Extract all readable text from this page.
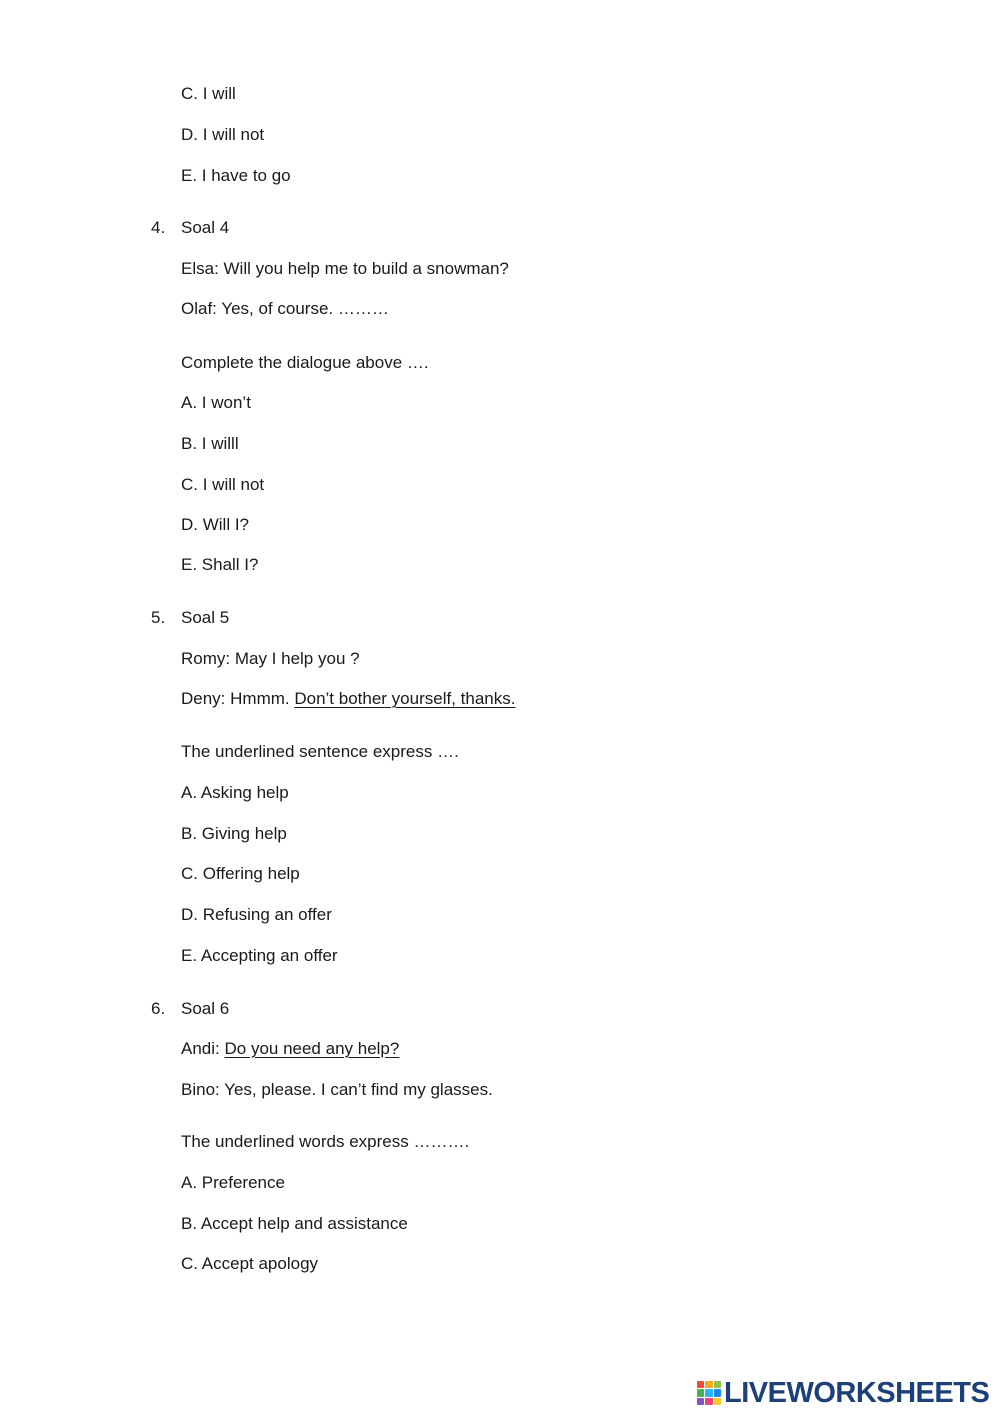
C. I will
D. I will not
E. I have to go
4. Soal 4
Elsa: Will you help me to build a snowman?
Olaf: Yes, of course. ………
Complete the dialogue above ….
A. I won’t
B. I willl
C. I will not
D. Will I?
E. Shall I?
5. Soal 5
Romy: May I help you ?
Deny: Hmmm. Don’t bother yourself, thanks.
The underlined sentence express ….
A. Asking help
B. Giving help
C. Offering help
D. Refusing an offer
E. Accepting an offer
6. Soal 6
Andi: Do you need any help?
Bino: Yes, please. I can’t find my glasses.
The underlined words express ……….
A. Preference
B. Accept help and assistance
C. Accept apology
LIVEWORKSHEETS
